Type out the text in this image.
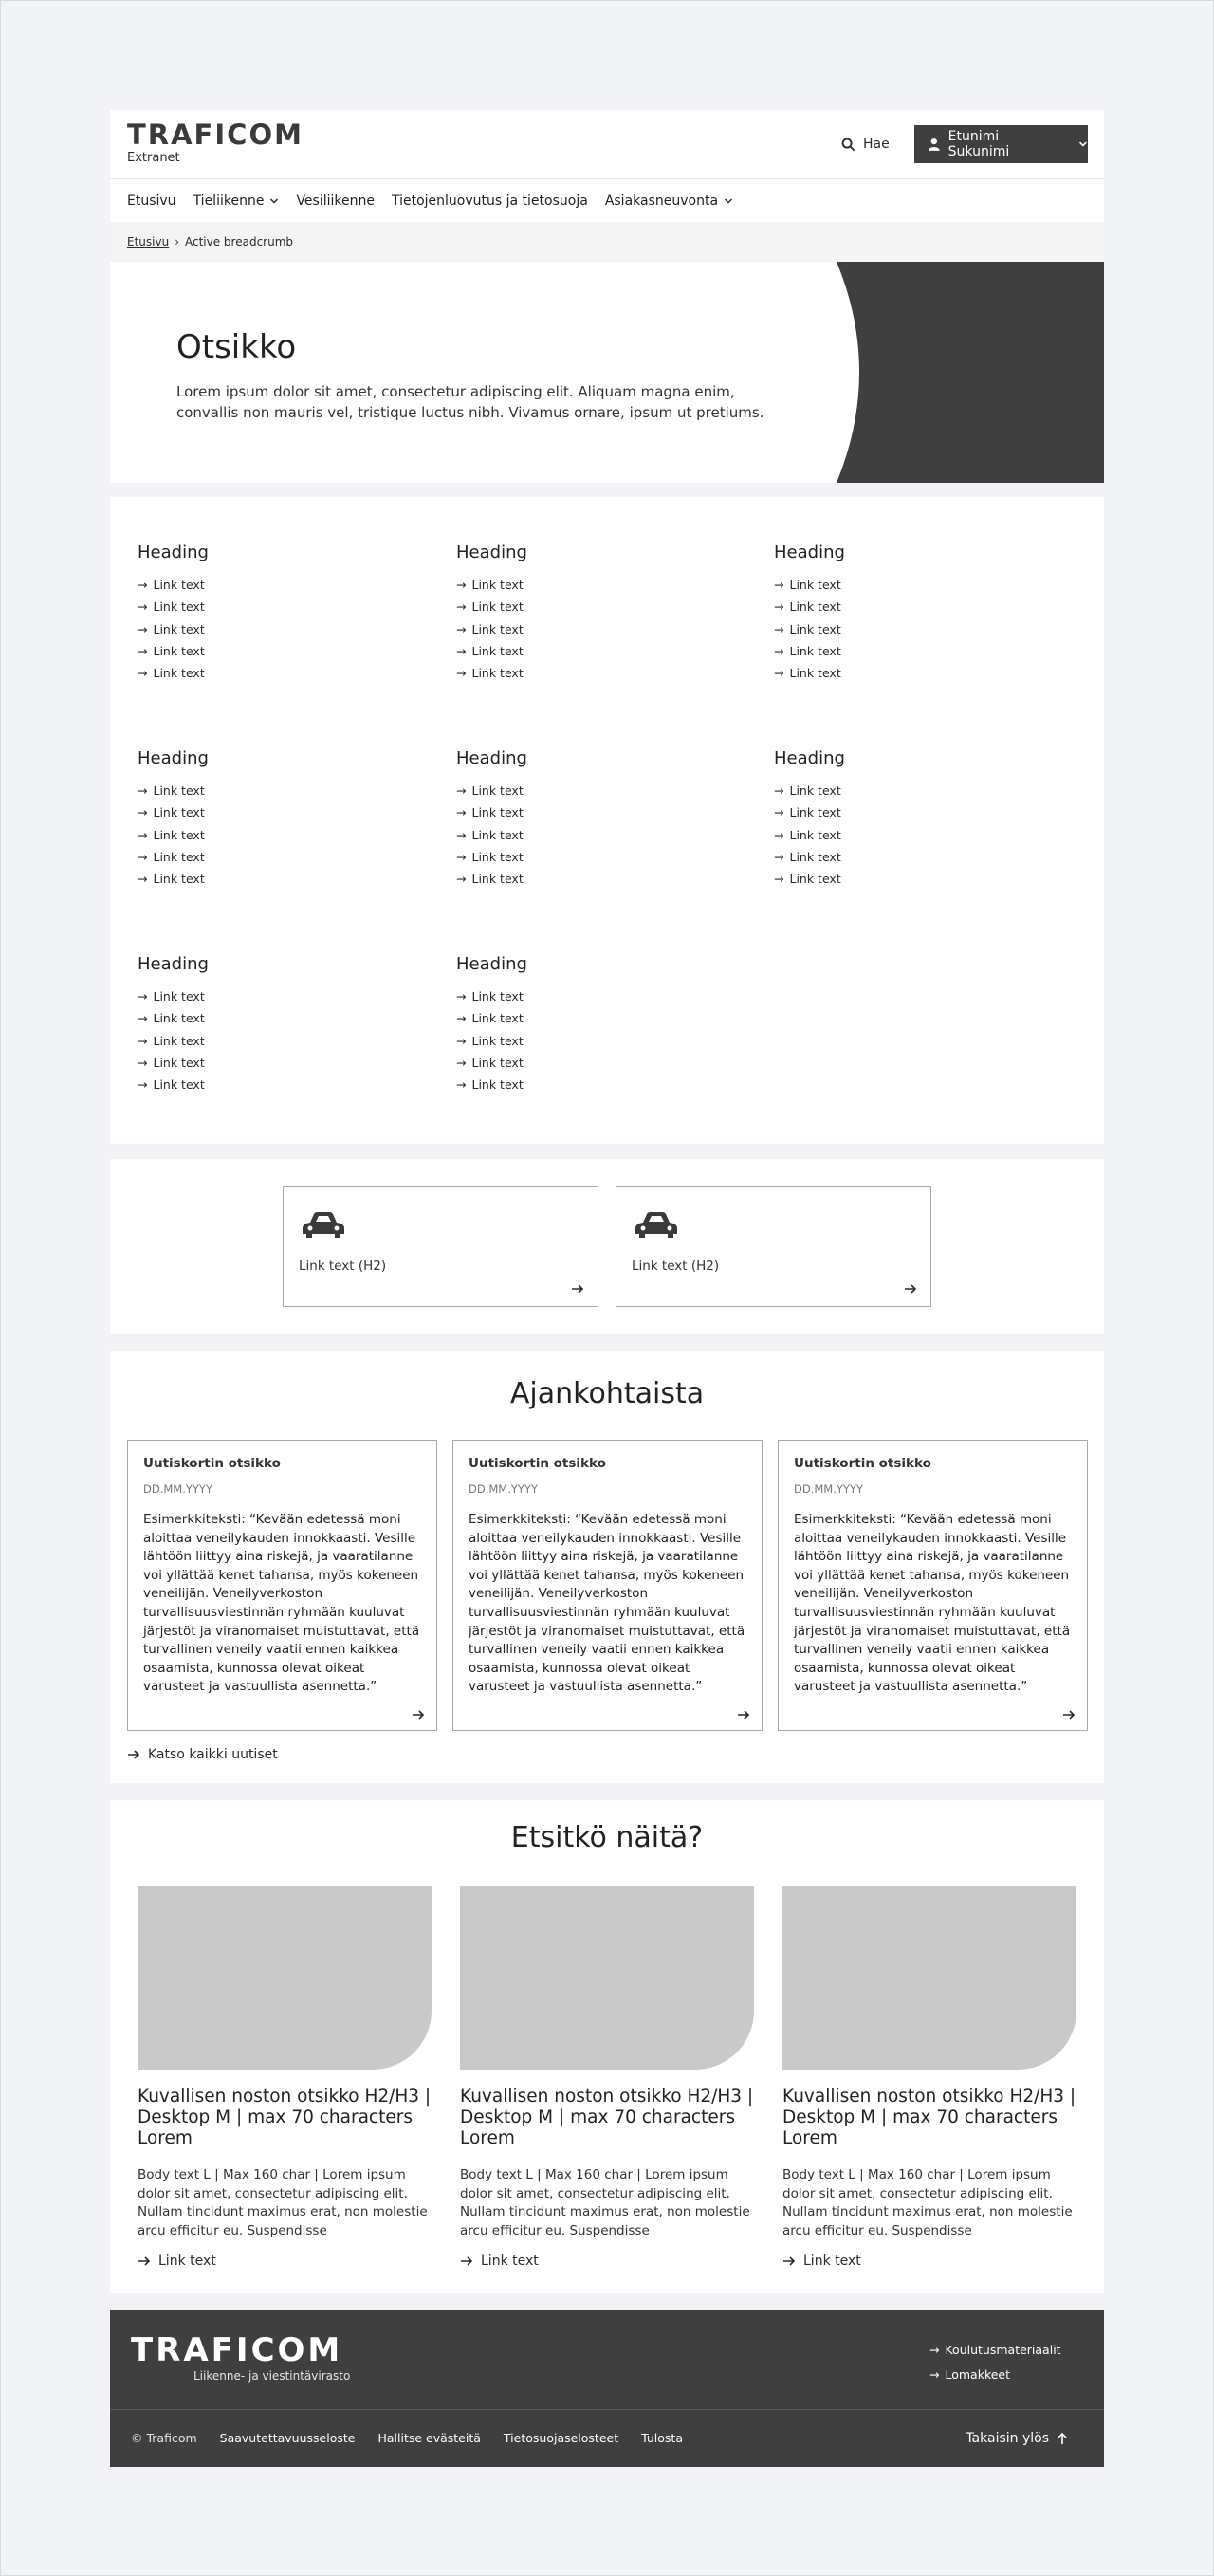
TRAFICOM
Extranet
Hae	Etunimi Sukunimi
Etusivu Tieliikenne Vesiliikenne Tietojenluovutus ja tietosuoja Asiakasneuvonta
Etusivu › Active breadcrumb
Otsikko

Lorem ipsum dolor sit amet, consectetur adipiscing elit. Aliquam magna enim, convallis non mauris vel, tristique luctus nibh. Vivamus ornare, ipsum ut pretiums.

Heading
→ Link text
→ Link text
→ Link text
→ Link text
→ Link text
Heading
→ Link text
→ Link text
→ Link text
→ Link text
→ Link text
Heading
→ Link text
→ Link text
→ Link text
→ Link text
→ Link text
Heading
→ Link text
→ Link text
→ Link text
→ Link text
→ Link text
Heading
→ Link text
→ Link text
→ Link text
→ Link text
→ Link text
Heading
→ Link text
→ Link text
→ Link text
→ Link text
→ Link text
Heading
→ Link text
→ Link text
→ Link text
→ Link text
→ Link text
Heading
→ Link text
→ Link text
→ Link text
→ Link text
→ Link text
Link text (H2)	Link text (H2)
Ajankohtaista
Uutiskortin otsikko
DD.MM.YYYY
Esimerkkiteksti: “Kevään edetessä moni aloittaa veneilykauden innokkaasti. Vesille lähtöön liittyy aina riskejä, ja vaaratilanne voi yllättää kenet tahansa, myös kokeneen veneilijän. Veneilyverkoston turvallisuusviestinnän ryhmään kuuluvat järjestöt ja viranomaiset muistuttavat, että turvallinen veneily vaatii ennen kaikkea osaamista, kunnossa olevat oikeat varusteet ja vastuullista asennetta.”
Uutiskortin otsikko
DD.MM.YYYY
Esimerkkiteksti: “Kevään edetessä moni aloittaa veneilykauden innokkaasti. Vesille lähtöön liittyy aina riskejä, ja vaaratilanne voi yllättää kenet tahansa, myös kokeneen veneilijän. Veneilyverkoston turvallisuusviestinnän ryhmään kuuluvat järjestöt ja viranomaiset muistuttavat, että turvallinen veneily vaatii ennen kaikkea osaamista, kunnossa olevat oikeat varusteet ja vastuullista asennetta.”
Uutiskortin otsikko
DD.MM.YYYY
Esimerkkiteksti: “Kevään edetessä moni aloittaa veneilykauden innokkaasti. Vesille lähtöön liittyy aina riskejä, ja vaaratilanne voi yllättää kenet tahansa, myös kokeneen veneilijän. Veneilyverkoston turvallisuusviestinnän ryhmään kuuluvat järjestöt ja viranomaiset muistuttavat, että turvallinen veneily vaatii ennen kaikkea osaamista, kunnossa olevat oikeat varusteet ja vastuullista asennetta.”
Katso kaikki uutiset
Etsitkö näitä?
Kuvallisen noston otsikko H2/H3 | Desktop M | max 70 characters Lorem
Body text L | Max 160 char | Lorem ipsum dolor sit amet, consectetur adipiscing elit. Nullam tincidunt maximus erat, non molestie arcu efficitur eu. Suspendisse
Link text
Kuvallisen noston otsikko H2/H3 | Desktop M | max 70 characters Lorem
Body text L | Max 160 char | Lorem ipsum dolor sit amet, consectetur adipiscing elit. Nullam tincidunt maximus erat, non molestie arcu efficitur eu. Suspendisse
Link text
Kuvallisen noston otsikko H2/H3 | Desktop M | max 70 characters Lorem
Body text L | Max 160 char | Lorem ipsum dolor sit amet, consectetur adipiscing elit. Nullam tincidunt maximus erat, non molestie arcu efficitur eu. Suspendisse
Link text
TRAFICOM
Liikenne- ja viestintävirasto
→ Koulutusmateriaalit
→ Lomakkeet
© Traficom Saavutettavuusseloste Hallitse evästeitä Tietosuojaselosteet Tulosta	Takaisin ylös
